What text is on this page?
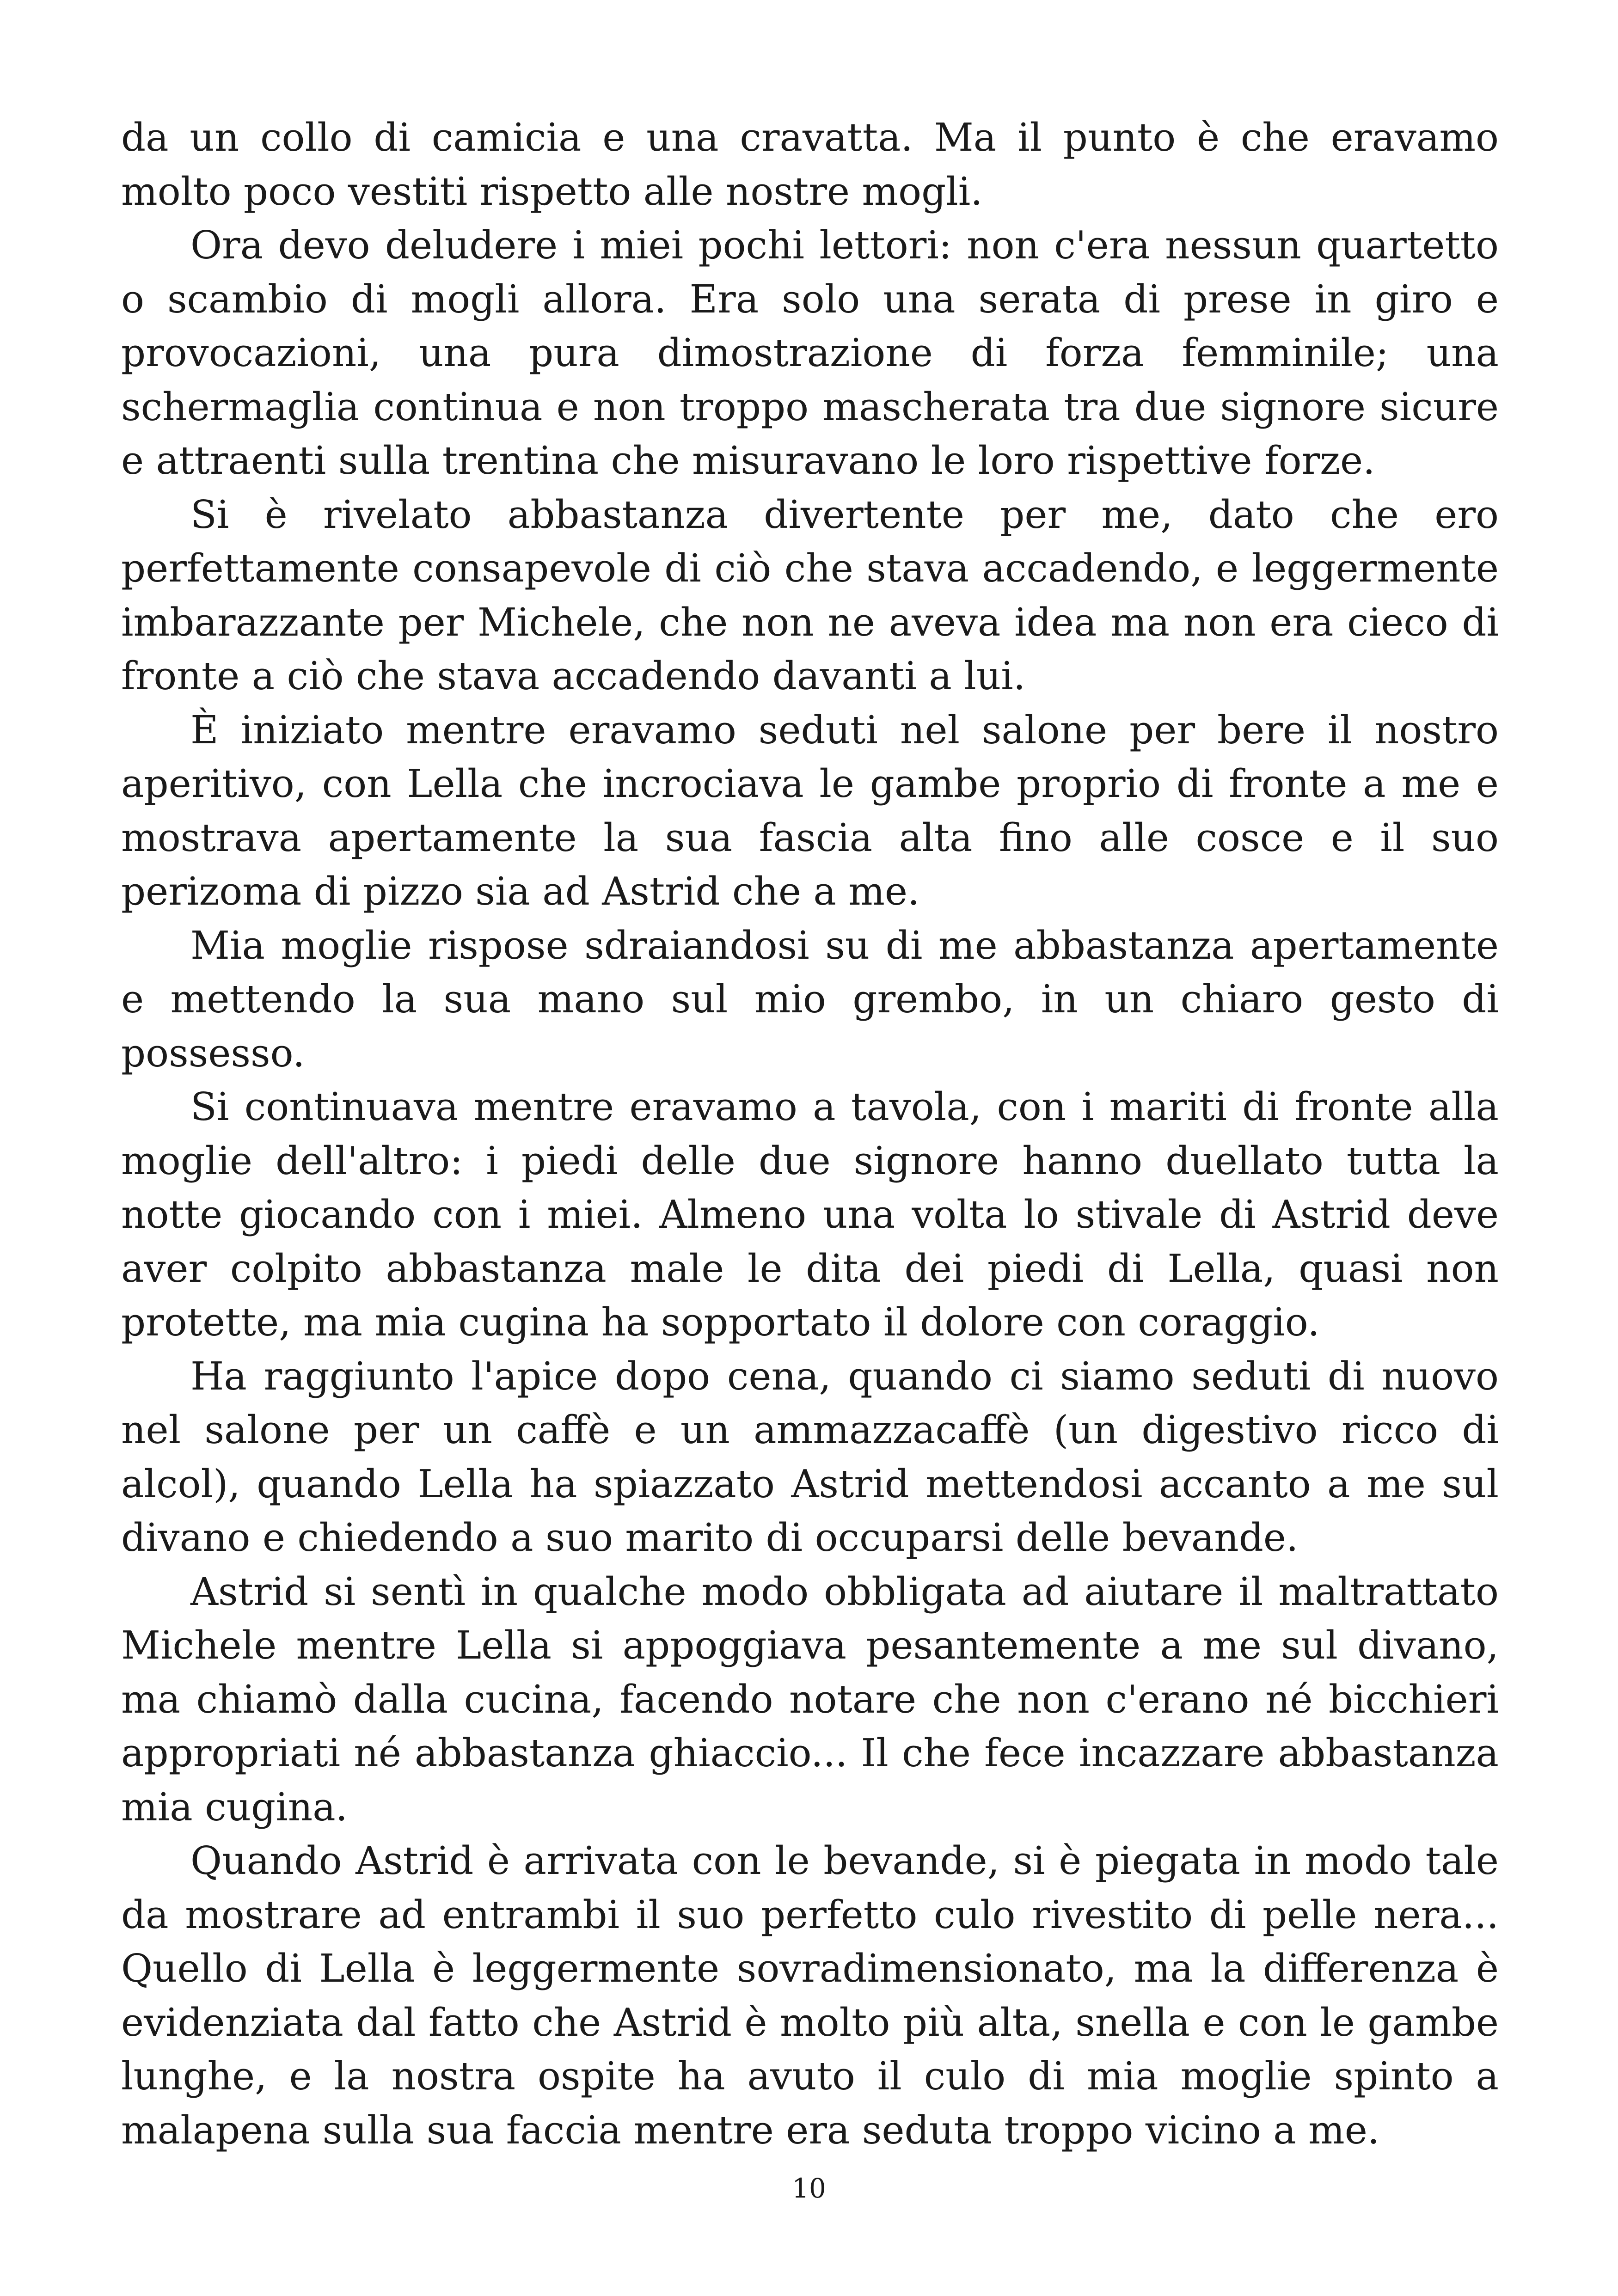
da un collo di camicia e una cravatta. Ma il punto è che eravamo molto poco vestiti rispetto alle nostre mogli.

Ora devo deludere i miei pochi lettori: non c'era nessun quartetto o scambio di mogli allora. Era solo una serata di prese in giro e provocazioni, una pura dimostrazione di forza femminile; una schermaglia continua e non troppo mascherata tra due signore sicure e attraenti sulla trentina che misuravano le loro rispettive forze.

Si è rivelato abbastanza divertente per me, dato che ero perfettamente consapevole di ciò che stava accadendo, e leggermente imbarazzante per Michele, che non ne aveva idea ma non era cieco di fronte a ciò che stava accadendo davanti a lui.

È iniziato mentre eravamo seduti nel salone per bere il nostro aperitivo, con Lella che incrociava le gambe proprio di fronte a me e mostrava apertamente la sua fascia alta fino alle cosce e il suo perizoma di pizzo sia ad Astrid che a me.

Mia moglie rispose sdraiandosi su di me abbastanza apertamente e mettendo la sua mano sul mio grembo, in un chiaro gesto di possesso.

Si continuava mentre eravamo a tavola, con i mariti di fronte alla moglie dell'altro: i piedi delle due signore hanno duellato tutta la notte giocando con i miei. Almeno una volta lo stivale di Astrid deve aver colpito abbastanza male le dita dei piedi di Lella, quasi non protette, ma mia cugina ha sopportato il dolore con coraggio.

Ha raggiunto l'apice dopo cena, quando ci siamo seduti di nuovo nel salone per un caffè e un ammazzacaffè (un digestivo ricco di alcol), quando Lella ha spiazzato Astrid mettendosi accanto a me sul divano e chiedendo a suo marito di occuparsi delle bevande.

Astrid si sentì in qualche modo obbligata ad aiutare il maltrattato Michele mentre Lella si appoggiava pesantemente a me sul divano, ma chiamò dalla cucina, facendo notare che non c'erano né bicchieri appropriati né abbastanza ghiaccio... Il che fece incazzare abbastanza mia cugina.

Quando Astrid è arrivata con le bevande, si è piegata in modo tale da mostrare ad entrambi il suo perfetto culo rivestito di pelle nera... Quello di Lella è leggermente sovradimensionato, ma la differenza è evidenziata dal fatto che Astrid è molto più alta, snella e con le gambe lunghe, e la nostra ospite ha avuto il culo di mia moglie spinto a malapena sulla sua faccia mentre era seduta troppo vicino a me.

10
